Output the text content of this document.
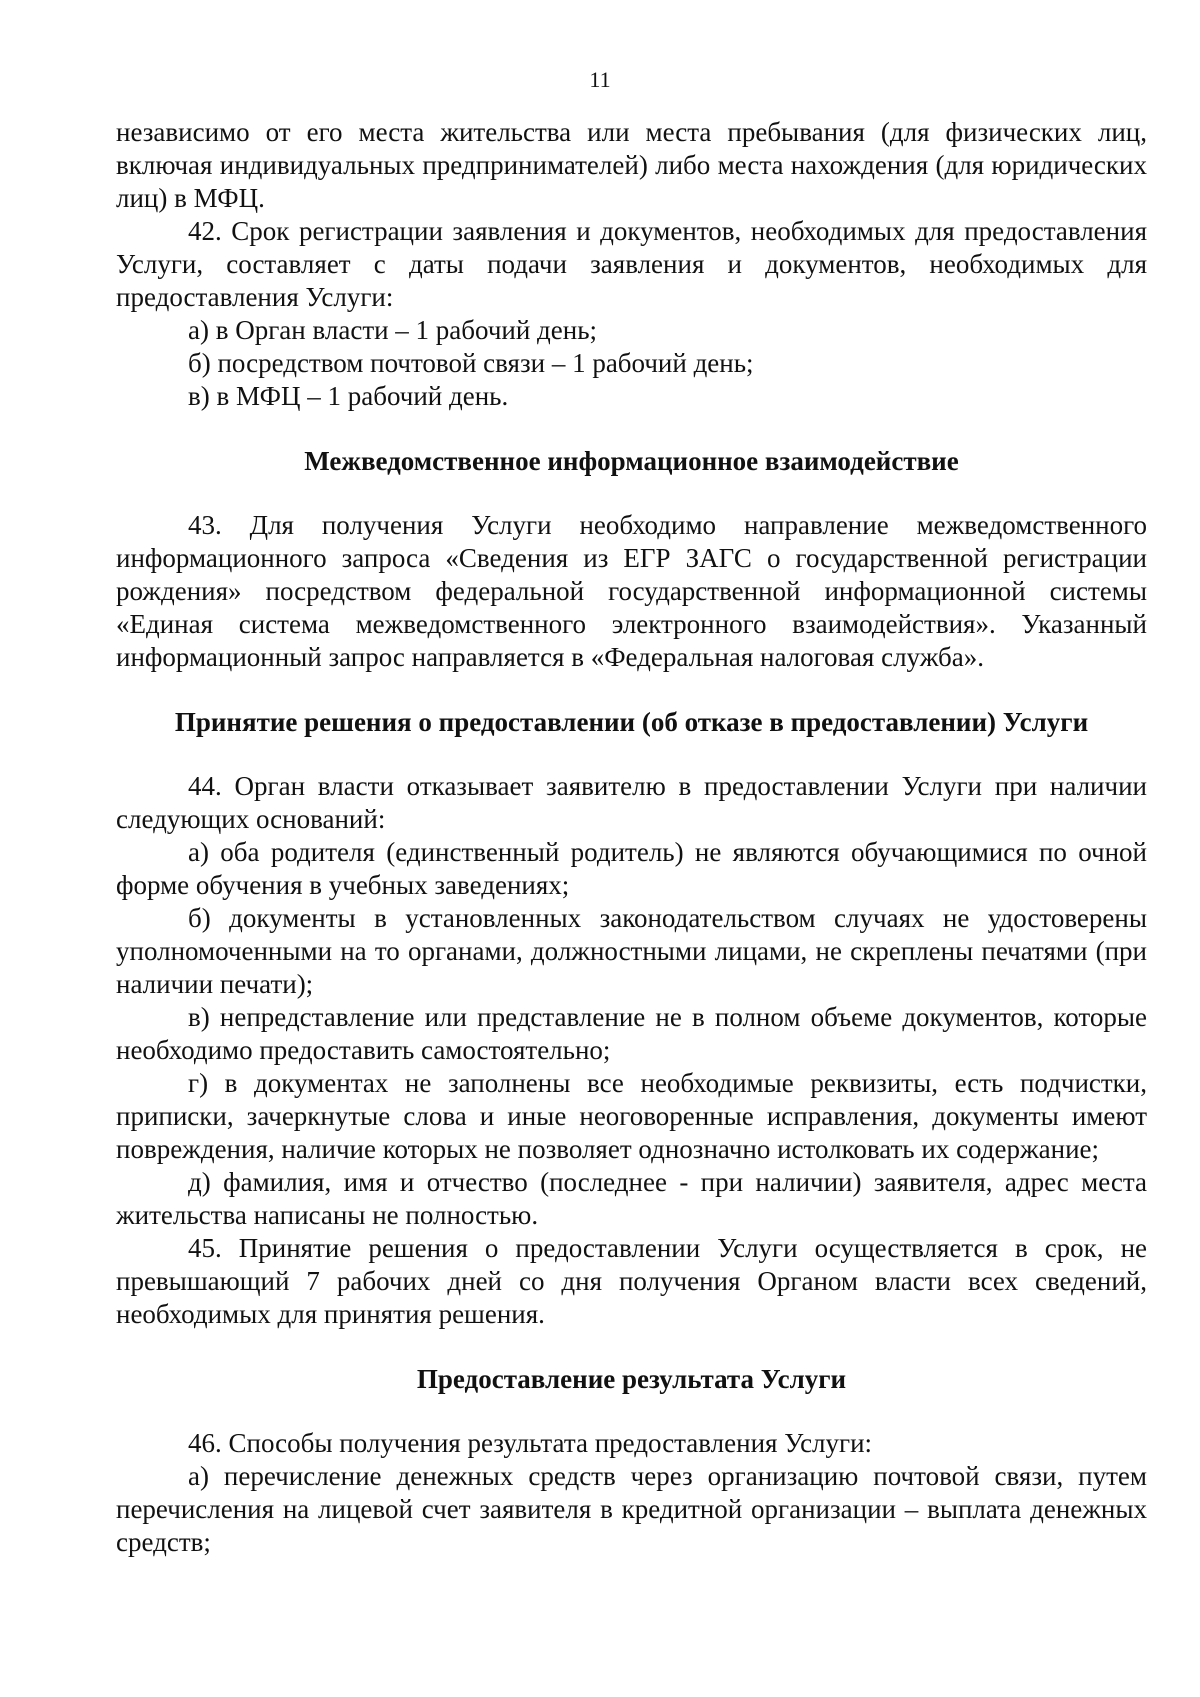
11

независимо от его места жительства или места пребывания (для физических лиц, включая индивидуальных предпринимателей) либо места нахождения (для юридических лиц) в МФЦ.

42. Срок регистрации заявления и документов, необходимых для предоставления Услуги, составляет с даты подачи заявления и документов, необходимых для предоставления Услуги:

а) в Орган власти – 1 рабочий день;

б) посредством почтовой связи – 1 рабочий день;

в) в МФЦ – 1 рабочий день.

Межведомственное информационное взаимодействие

43. Для получения Услуги необходимо направление межведомственного информационного запроса «Сведения из ЕГР ЗАГС о государственной регистрации рождения» посредством федеральной государственной информационной системы «Единая система межведомственного электронного взаимодействия». Указанный информационный запрос направляется в «Федеральная налоговая служба».

Принятие решения о предоставлении (об отказе в предоставлении) Услуги

44. Орган власти отказывает заявителю в предоставлении Услуги при наличии следующих оснований:

а) оба родителя (единственный родитель) не являются обучающимися по очной форме обучения в учебных заведениях;

б) документы в установленных законодательством случаях не удостоверены уполномоченными на то органами, должностными лицами, не скреплены печатями (при наличии печати);

в) непредставление или представление не в полном объеме документов, которые необходимо предоставить самостоятельно;

г) в документах не заполнены все необходимые реквизиты, есть подчистки, приписки, зачеркнутые слова и иные неоговоренные исправления, документы имеют повреждения, наличие которых не позволяет однозначно истолковать их содержание;

д) фамилия, имя и отчество (последнее - при наличии) заявителя, адрес места жительства написаны не полностью.

45. Принятие решения о предоставлении Услуги осуществляется в срок, не превышающий 7 рабочих дней со дня получения Органом власти всех сведений, необходимых для принятия решения.

Предоставление результата Услуги

46. Способы получения результата предоставления Услуги:

а) перечисление денежных средств через организацию почтовой связи, путем перечисления на лицевой счет заявителя в кредитной организации – выплата денежных средств;
